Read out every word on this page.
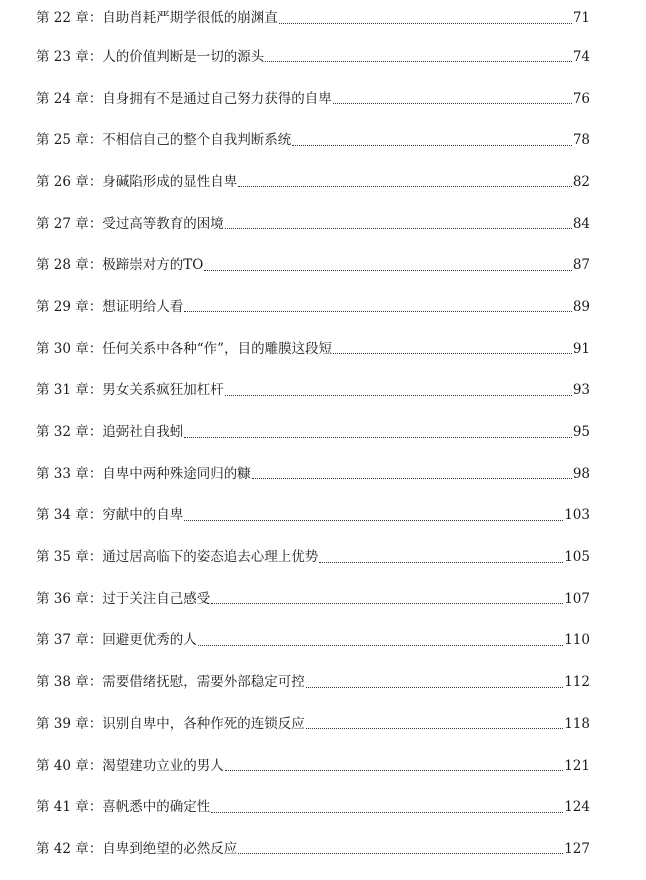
第 22 章： 自助肖耗严期学很低的崩渊直	71
第 23 章： 人的价值判断是一切的源头	74
第 24 章： 自身拥有不是通过自己努力获得的自卑	76
第 25 章： 不相信自己的整个自我判断系统	78
第 26 章： 身碱陷形成的显性自卑	82
第 27 章： 受过高等教育的困境	84
第 28 章： 极蹄崇对方的TO	87
第 29 章： 想证明给人看	89
第 30 章： 任何关系中各种“作”，目的雕膜这段短	91
第 31 章： 男女关系疯狂加杠杆	93
第 32 章： 追弼社自我蚓	95
第 33 章： 自卑中两种殊途同归的糠	98
第 34 章： 穷献中的自卑	103
第 35 章： 通过居高临下的姿态追去心理上优势	105
第 36 章： 过于关注自己感受	107
第 37 章： 回避更优秀的人	110
第 38 章： 需要借绪抚慰，需要外部稳定可控	112
第 39 章： 识别自卑中，各种作死的连锁反应	118
第 40 章： 渴望建功立业的男人	121
第 41 章： 喜帆悉中的确定性	124
第 42 章： 自卑到绝望的必然反应	127
